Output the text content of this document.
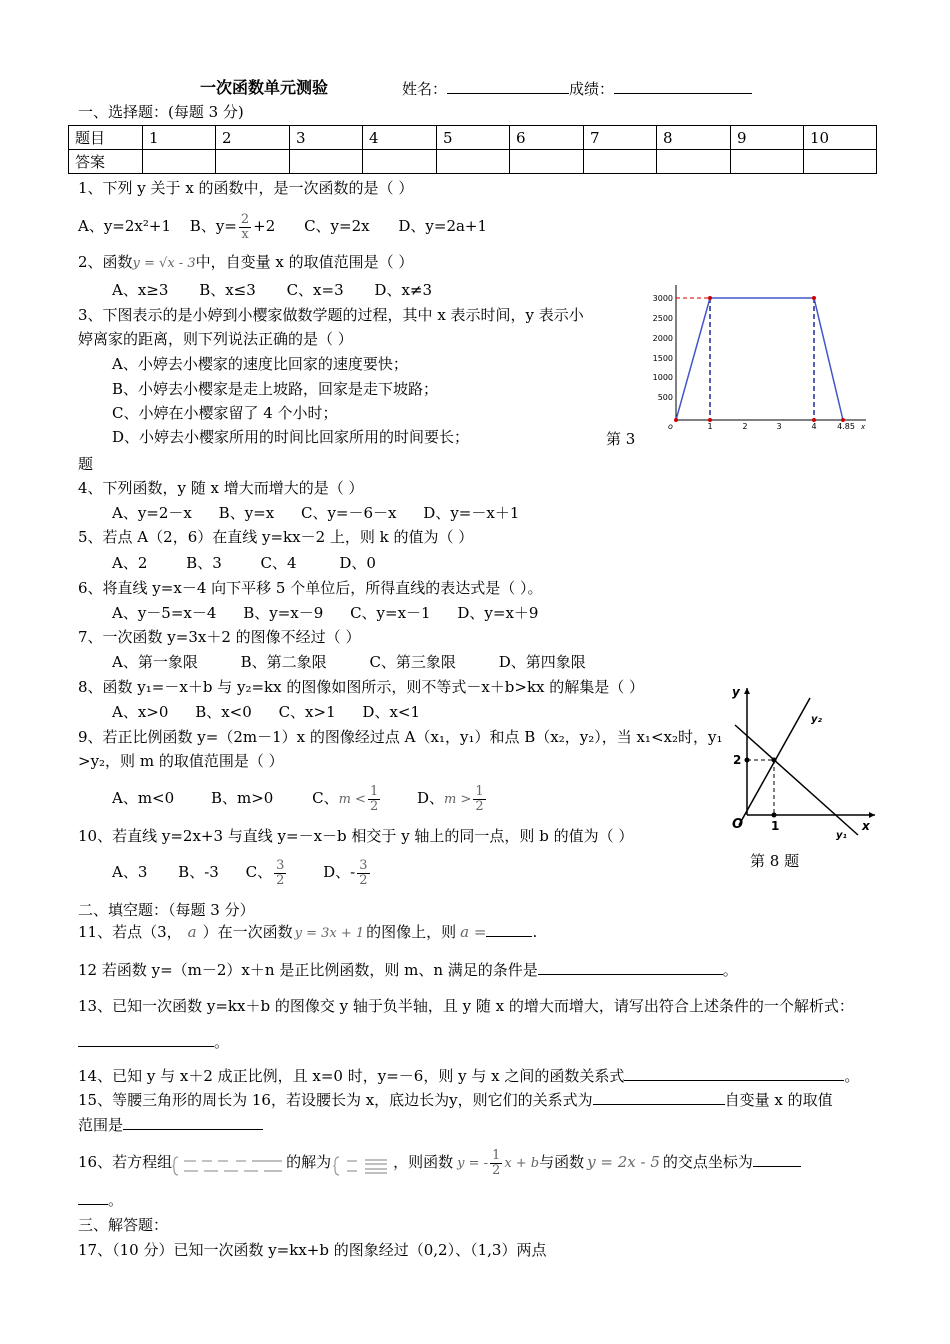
一次函数单元测验	姓名：	成绩：
一、选择题：(每题 3 分)
题目	1	2	3	4	5	6	7	8	9	10
答案										
1、下列 y 关于 x 的函数中，是一次函数的是（ ）
A、y=2x²+1 B、$y= \frac{2}{x} +2$ C、y=2x D、y=2a+1
2、函数y = √x - 3中，自变量 x 的取值范围是（ ）
A、x≥3 B、x≤3 C、x=3 D、x≠3
3、下图表示的是小婷到小樱家做数学题的过程，其中 x 表示时间，y 表示小
婷离家的距离，则下列说法正确的是（ ）
A、小婷去小樱家的速度比回家的速度要快；
B、小婷去小樱家是走上坡路，回家是走下坡路；
C、小婷在小樱家留了 4 个小时；
D、小婷去小樱家所用的时间比回家所用的时间要长；	第 3
题
3000
2500
2000
1500
1000
500
1	2	3	4	4.85
o	x
4、下列函数，y 随 x 增大而增大的是（ ）
A、y=2－x B、y=x C、y=－6－x D、y=－x＋1
5、若点 A（2，6）在直线 y=kx－2 上，则 k 的值为（ ）
A、2	B、3	C、4	D、0
6、将直线 y=x－4 向下平移 5 个单位后，所得直线的表达式是（ ）。
A、y－5=x－4 B、y=x－9 C、y=x－1 D、y=x＋9
7、一次函数 y=3x＋2 的图像不经过（ ）
A、第一象限	B、第二象限	C、第三象限	D、第四象限
8、函数 y₁=－x＋b 与 y₂=kx 的图像如图所示，则不等式－x＋b>kx 的解集是（ ）
A、x>0 B、x<0 C、x>1 D、x<1
y
x
O
y₂
y₁
2
1
第 8 题
9、若正比例函数 y=（2m－1）x 的图像经过点 A（x₁，y₁）和点 B（x₂，y₂），当 x₁<x₂时，y₁
>y₂，则 m 的取值范围是（ ）
A、m<0 B、m>0	C、$m < \frac{1}{2}$ D、$m > \frac{1}{2}$
10、若直线 y=2x+3 与直线 y=－x－b 相交于 y 轴上的同一点，则 b 的值为（ ）
A、3 B、-3 C、 $\frac{3}{2}$ D、- $\frac{3}{2}$
二、填空题：（每题 3 分）
11、若点（3， a ）在一次函数 y = 3x + 1 的图像上，则 a =	.
12 若函数 y=（m－2）x＋n 是正比例函数，则 m、n 满足的条件是	。
13、已知一次函数 y=kx＋b 的图像交 y 轴于负半轴，且 y 随 x 的增大而增大，请写出符合上述条件的一个解析式：
。
14、已知 y 与 x＋2 成正比例，且 x=0 时，y=－6，则 y 与 x 之间的函数关系式	。
15、等腰三角形的周长为 16，若设腰长为 x，底边长为y，则它们的关系式为	自变量 x 的取值
范围是
16、若方程组	的解为	，则函数 y = - $\frac{1}{2}$ x + b与函数 y = 2x - 5 的交点坐标为
。
三、解答题：
17、（10 分）已知一次函数 y=kx+b 的图象经过（0,2）、（1,3）两点
